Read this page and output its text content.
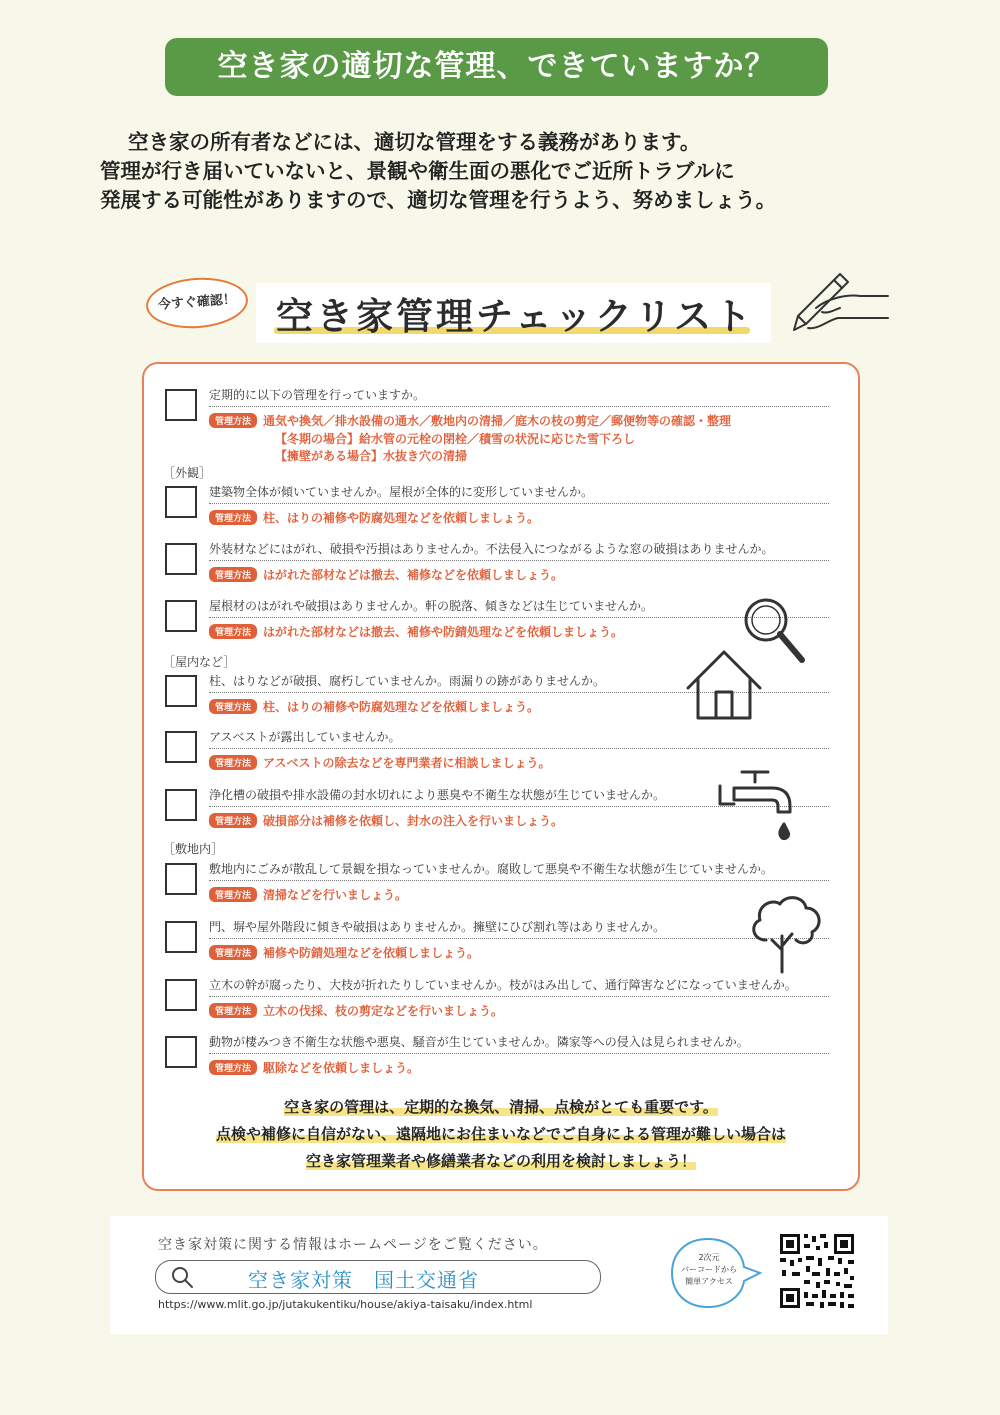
空き家の適切な管理、できていますか？
空き家の所有者などには、適切な管理をする義務があります。
管理が行き届いていないと、景観や衛生面の悪化でご近所トラブルに
発展する可能性がありますので、適切な管理を行うよう、努めましょう。
今すぐ確認！	空き家管理チェックリスト
定期的に以下の管理を行っていますか。
管理方法 通気や換気／排水設備の通水／敷地内の清掃／庭木の枝の剪定／郵便物等の確認・整理
【冬期の場合】給水管の元栓の閉栓／積雪の状況に応じた雪下ろし
【擁壁がある場合】水抜き穴の清掃
［外観］
建築物全体が傾いていませんか。屋根が全体的に変形していませんか。
管理方法 柱、はりの補修や防腐処理などを依頼しましょう。
外装材などにはがれ、破損や汚損はありませんか。不法侵入につながるような窓の破損はありませんか。
管理方法 はがれた部材などは撤去、補修などを依頼しましょう。
屋根材のはがれや破損はありませんか。軒の脱落、傾きなどは生じていませんか。
管理方法 はがれた部材などは撤去、補修や防錆処理などを依頼しましょう。
［屋内など］
柱、はりなどが破損、腐朽していませんか。雨漏りの跡がありませんか。
管理方法 柱、はりの補修や防腐処理などを依頼しましょう。
アスベストが露出していませんか。
管理方法 アスベストの除去などを専門業者に相談しましょう。
浄化槽の破損や排水設備の封水切れにより悪臭や不衛生な状態が生じていませんか。
管理方法 破損部分は補修を依頼し、封水の注入を行いましょう。
［敷地内］
敷地内にごみが散乱して景観を損なっていませんか。腐敗して悪臭や不衛生な状態が生じていませんか。
管理方法 清掃などを行いましょう。
門、塀や屋外階段に傾きや破損はありませんか。擁壁にひび割れ等はありませんか。
管理方法 補修や防錆処理などを依頼しましょう。
立木の幹が腐ったり、大枝が折れたりしていませんか。枝がはみ出して、通行障害などになっていませんか。
管理方法 立木の伐採、枝の剪定などを行いましょう。
動物が棲みつき不衛生な状態や悪臭、騒音が生じていませんか。隣家等への侵入は見られませんか。
管理方法 駆除などを依頼しましょう。
空き家の管理は、定期的な換気、清掃、点検がとても重要です。
点検や補修に自信がない、遠隔地にお住まいなどでご自身による管理が難しい場合は
空き家管理業者や修繕業者などの利用を検討しましょう！
空き家対策に関する情報はホームページをご覧ください。
空き家対策　国土交通省
https://www.mlit.go.jp/jutakukentiku/house/akiya-taisaku/index.html
2次元
バーコードから
簡単アクセス
